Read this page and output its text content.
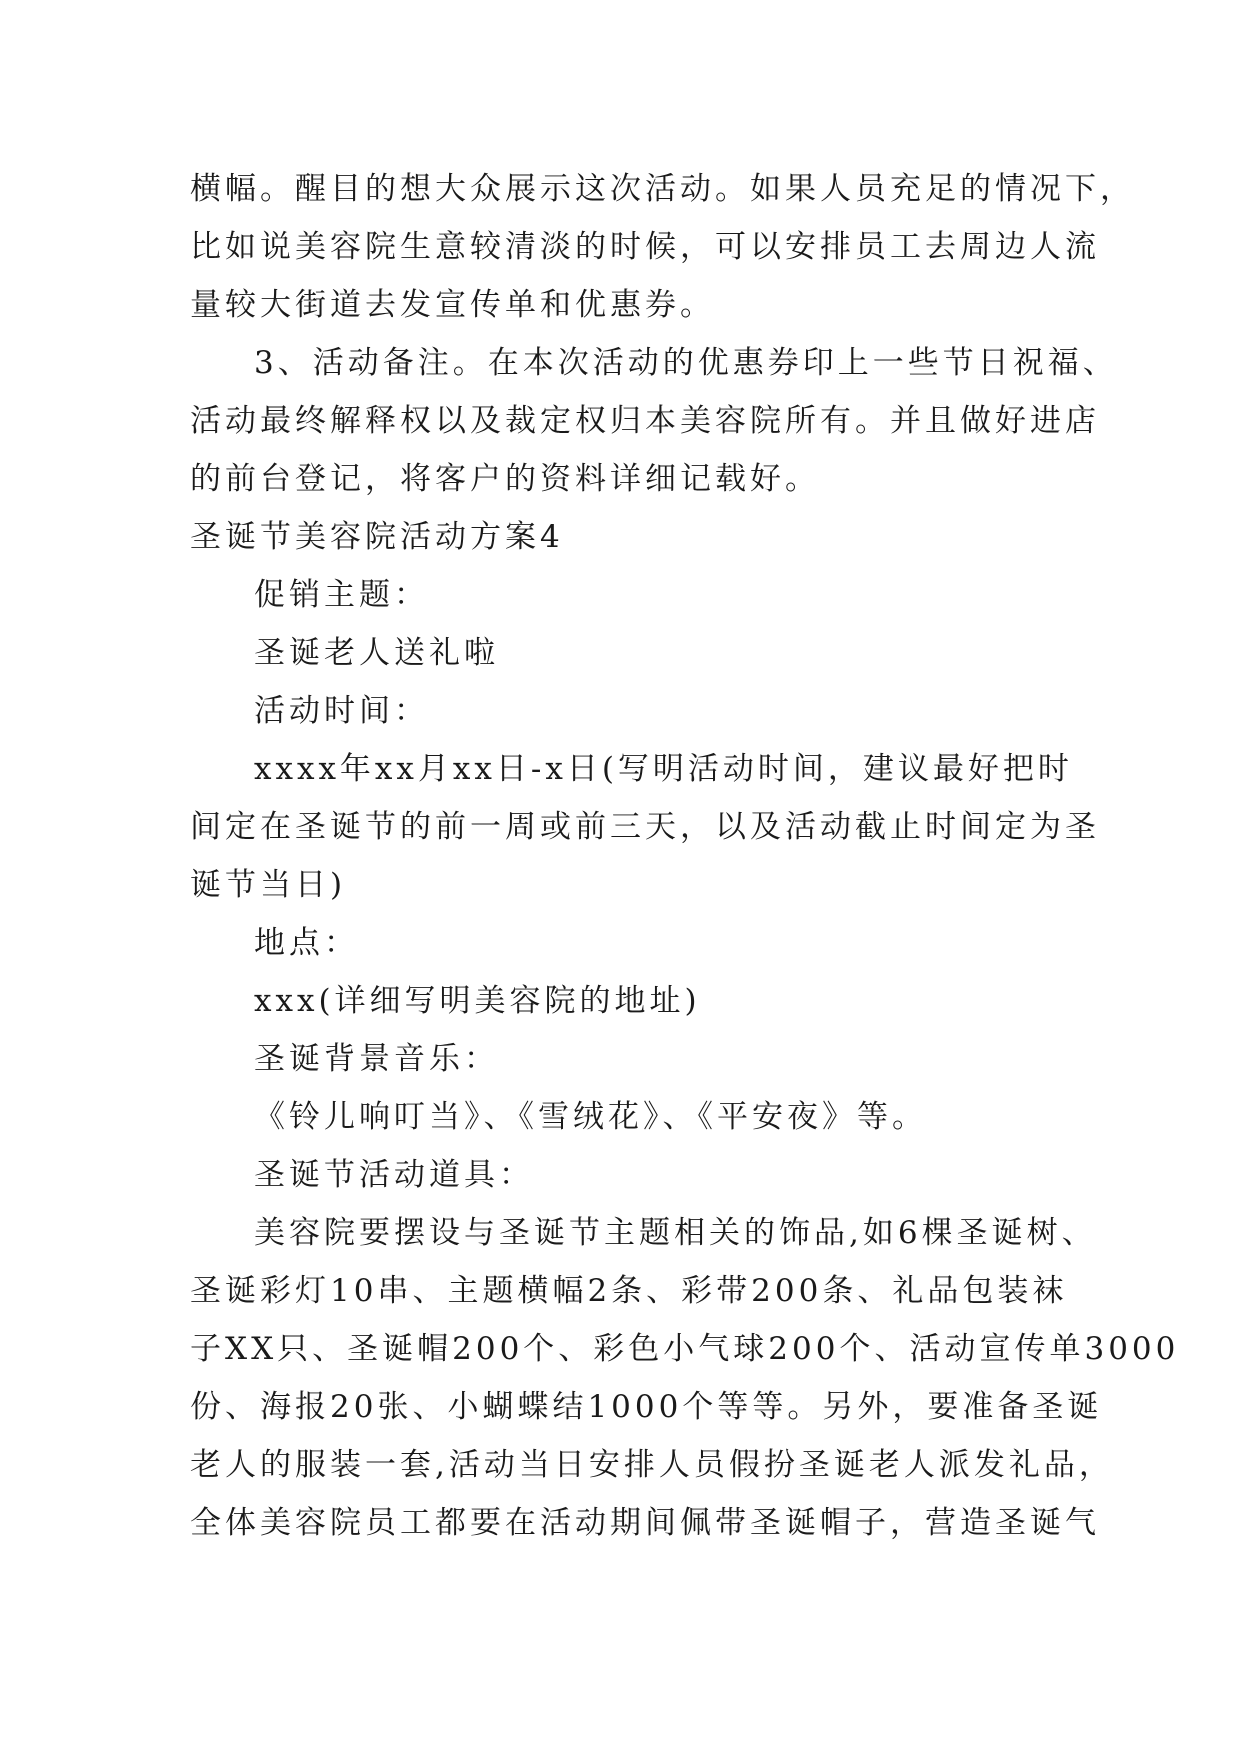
横幅。醒目的想大众展示这次活动。如果人员充足的情况下，
比如说美容院生意较清淡的时候，可以安排员工去周边人流
量较大街道去发宣传单和优惠券。
3、活动备注。在本次活动的优惠券印上一些节日祝福、
活动最终解释权以及裁定权归本美容院所有。并且做好进店
的前台登记，将客户的资料详细记载好。
圣诞节美容院活动方案4
促销主题：
圣诞老人送礼啦
活动时间：
xxxx年xx月xx日-x日(写明活动时间，建议最好把时
间定在圣诞节的前一周或前三天，以及活动截止时间定为圣
诞节当日)
地点：
xxx(详细写明美容院的地址)
圣诞背景音乐：
《铃儿响叮当》、《雪绒花》、《平安夜》等。
圣诞节活动道具：
美容院要摆设与圣诞节主题相关的饰品,如6棵圣诞树、
圣诞彩灯10串、主题横幅2条、彩带200条、礼品包装袜
子XX只、圣诞帽200个、彩色小气球200个、活动宣传单3000
份、海报20张、小蝴蝶结1000个等等。另外，要准备圣诞
老人的服装一套,活动当日安排人员假扮圣诞老人派发礼品，
全体美容院员工都要在活动期间佩带圣诞帽子，营造圣诞气
